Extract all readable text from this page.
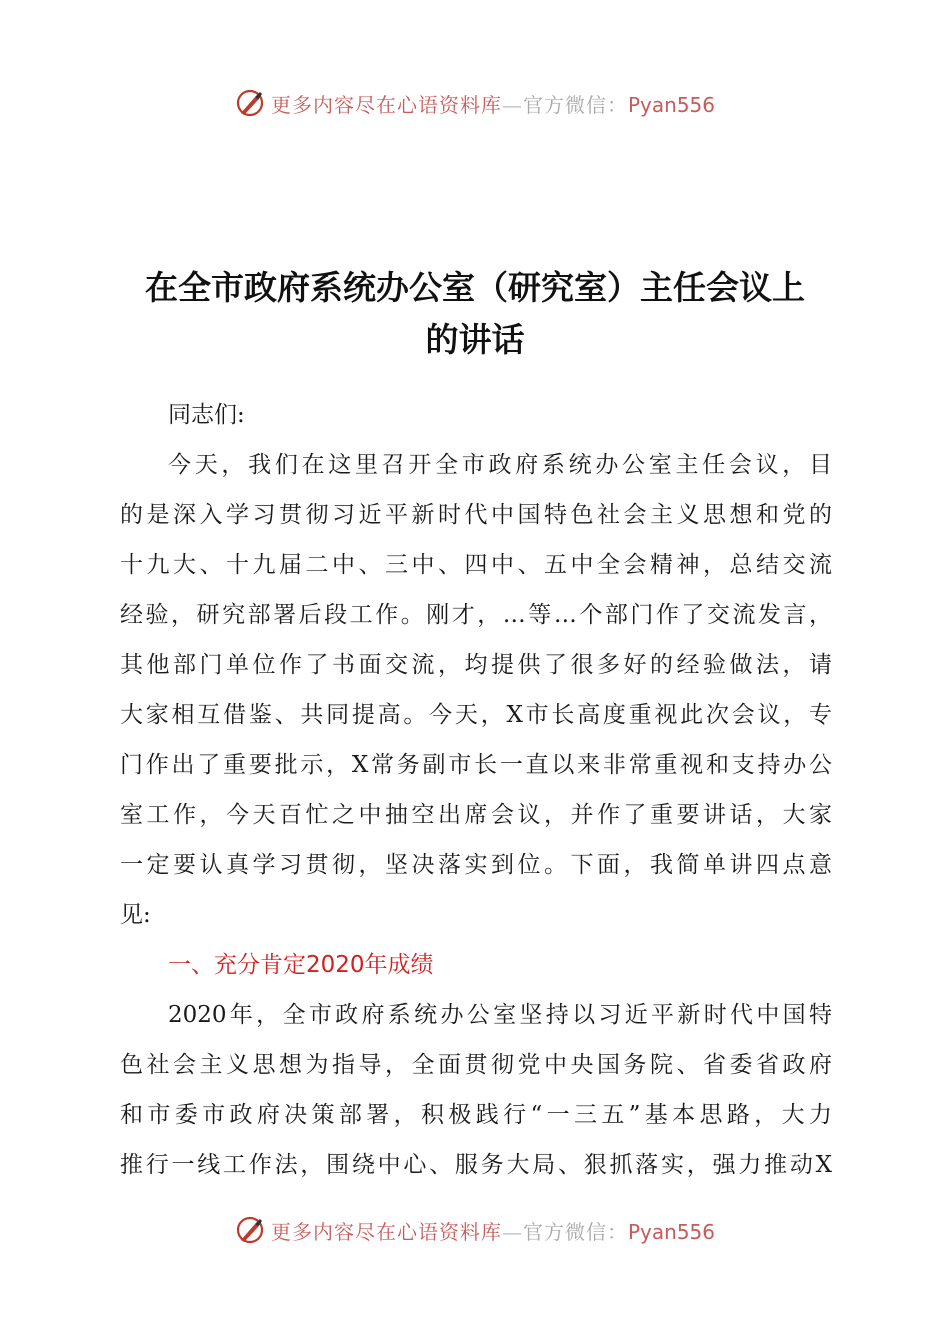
更多内容尽在心语资料库—官方微信：Pyan556
在全市政府系统办公室（研究室）主任会议上
的讲话
同志们:
今天，我们在这里召开全市政府系统办公室主任会议，目
的是深入学习贯彻习近平新时代中国特色社会主义思想和党的
十九大、十九届二中、三中、四中、五中全会精神，总结交流
经验，研究部署后段工作。刚才，…等…个部门作了交流发言，
其他部门单位作了书面交流，均提供了很多好的经验做法，请
大家相互借鉴、共同提高。今天，X市长高度重视此次会议，专
门作出了重要批示，X常务副市长一直以来非常重视和支持办公
室工作，今天百忙之中抽空出席会议，并作了重要讲话，大家
一定要认真学习贯彻，坚决落实到位。下面，我简单讲四点意
见:
一、充分肯定2020年成绩
2020年，全市政府系统办公室坚持以习近平新时代中国特
色社会主义思想为指导，全面贯彻党中央国务院、省委省政府
和市委市政府决策部署，积极践行“一三五”基本思路，大力
推行一线工作法，围绕中心、服务大局、狠抓落实，强力推动X
更多内容尽在心语资料库—官方微信：Pyan556
